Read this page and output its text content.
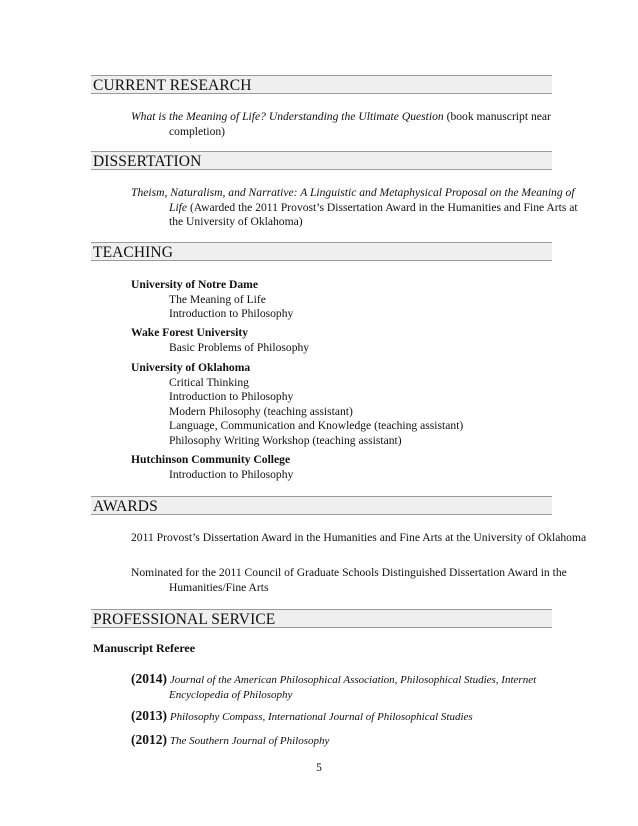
CURRENT RESEARCH
What is the Meaning of Life? Understanding the Ultimate Question (book manuscript near completion)
DISSERTATION
Theism, Naturalism, and Narrative: A Linguistic and Metaphysical Proposal on the Meaning of Life (Awarded the 2011 Provost’s Dissertation Award in the Humanities and Fine Arts at the University of Oklahoma)
TEACHING
University of Notre Dame
The Meaning of Life
Introduction to Philosophy
Wake Forest University
Basic Problems of Philosophy
University of Oklahoma
Critical Thinking
Introduction to Philosophy
Modern Philosophy (teaching assistant)
Language, Communication and Knowledge (teaching assistant)
Philosophy Writing Workshop (teaching assistant)
Hutchinson Community College
Introduction to Philosophy
AWARDS
2011 Provost’s Dissertation Award in the Humanities and Fine Arts at the University of Oklahoma
Nominated for the 2011 Council of Graduate Schools Distinguished Dissertation Award in the Humanities/Fine Arts
PROFESSIONAL SERVICE
Manuscript Referee
(2014) Journal of the American Philosophical Association, Philosophical Studies, Internet Encyclopedia of Philosophy
(2013) Philosophy Compass, International Journal of Philosophical Studies
(2012) The Southern Journal of Philosophy
5
